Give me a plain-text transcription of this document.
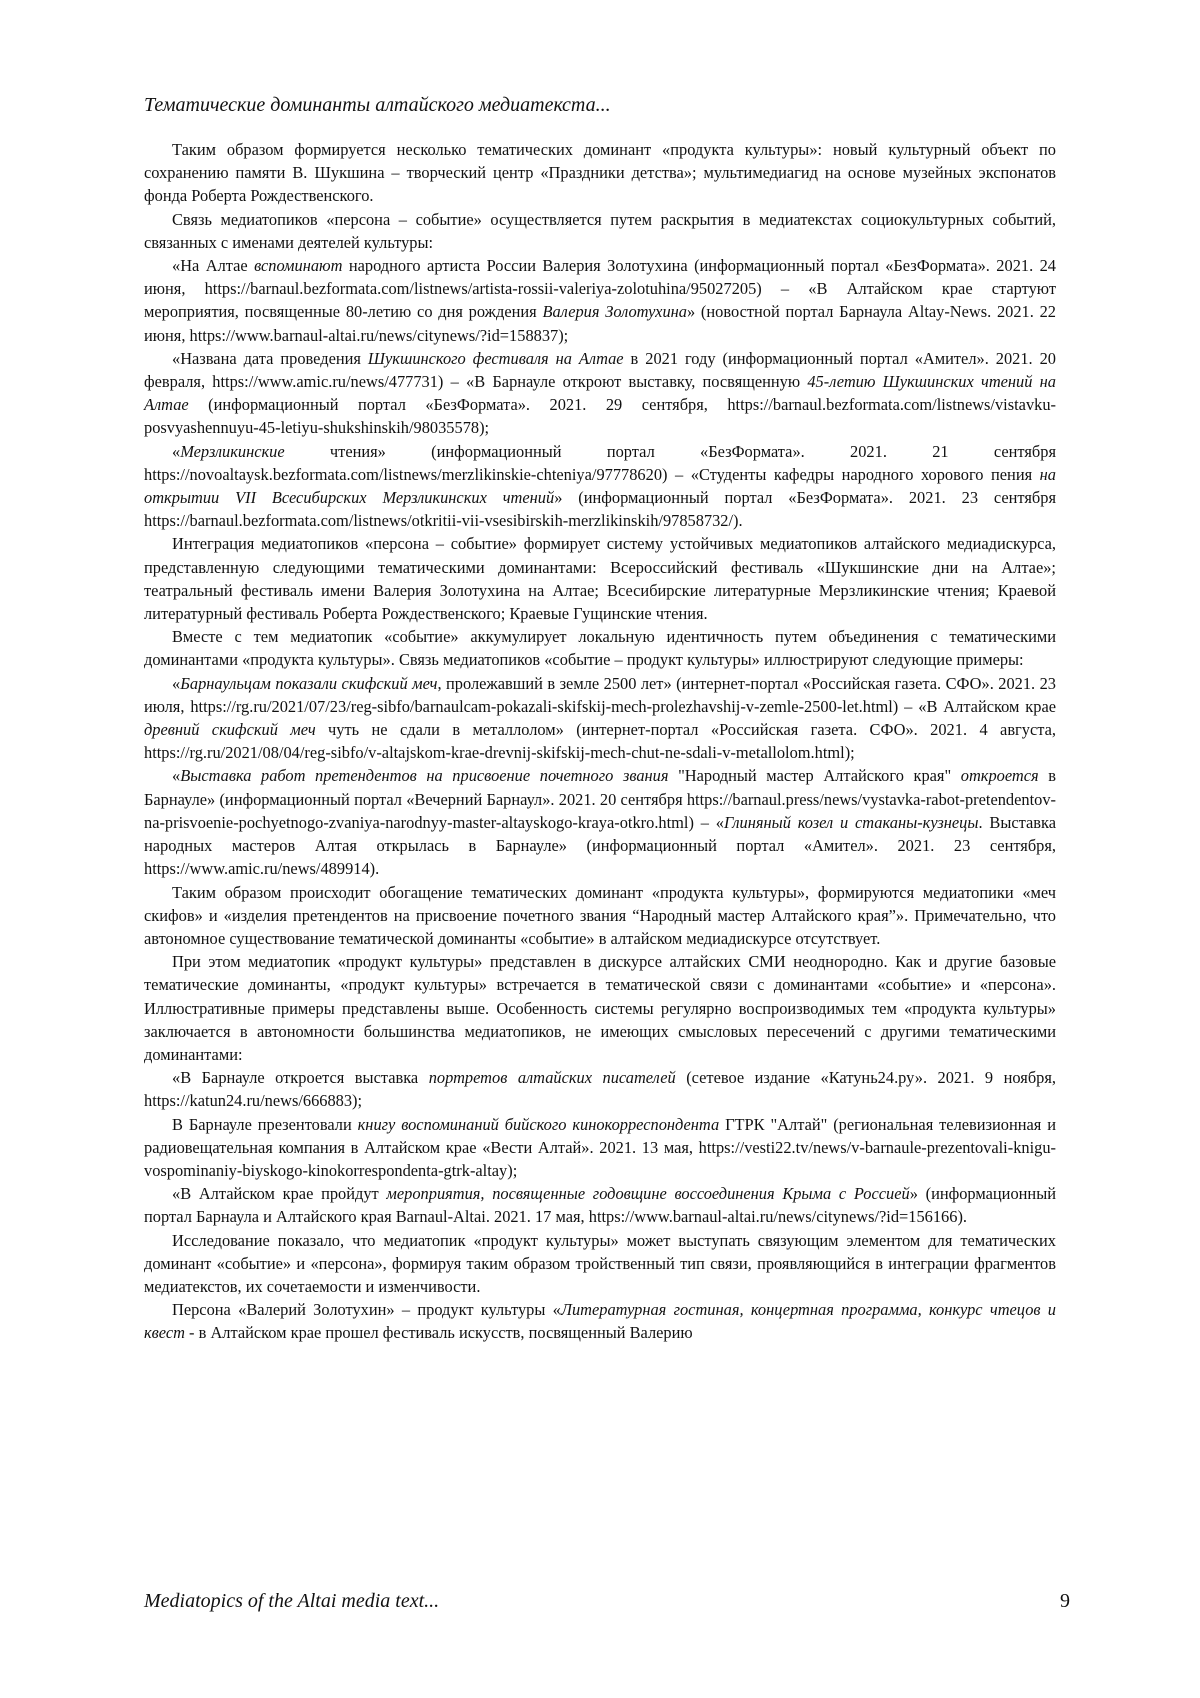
Тематические доминанты алтайского медиатекста...

Таким образом формируется несколько тематических доминант «продукта культуры»: новый культурный объект по сохранению памяти В. Шукшина – творческий центр «Праздники детства»; мультимедиагид на основе музейных экспонатов фонда Роберта Рождественского.

Связь медиатопиков «персона – событие» осуществляется путем раскрытия в медиатекстах социокультурных событий, связанных с именами деятелей культуры:

«На Алтае вспоминают народного артиста России Валерия Золотухина (информационный портал «БезФормата». 2021. 24 июня, https://barnaul.bezformata.com/listnews/artista-rossii-valeriya-zolotuhina/95027205) – «В Алтайском крае стартуют мероприятия, посвященные 80-летию со дня рождения Валерия Золотухина» (новостной портал Барнаула Altay-News. 2021. 22 июня, https://www.barnaul-altai.ru/news/citynews/?id=158837);

«Названа дата проведения Шукшинского фестиваля на Алтае в 2021 году (информационный портал «Амител». 2021. 20 февраля, https://www.amic.ru/news/477731) – «В Барнауле откроют выставку, посвященную 45-летию Шукшинских чтений на Алтае (информационный портал «БезФормата». 2021. 29 сентября, https://barnaul.bezformata.com/listnews/vistavku-posvyashennuyu-45-letiyu-shukshinskih/98035578);

«Мерзликинские чтения» (информационный портал «БезФормата». 2021. 21 сентября https://novoaltaysk.bezformata.com/listnews/merzlikinskie-chteniya/97778620) – «Студенты кафедры народного хорового пения на открытии VII Всесибирских Мерзликинских чтений» (информационный портал «БезФормата». 2021. 23 сентября https://barnaul.bezformata.com/listnews/otkritii-vii-vsesibirskih-merzlikinskih/97858732/).

Интеграция медиатопиков «персона – событие» формирует систему устойчивых медиатопиков алтайского медиадискурса, представленную следующими тематическими доминантами: Всероссийский фестиваль «Шукшинские дни на Алтае»; театральный фестиваль имени Валерия Золотухина на Алтае; Всесибирские литературные Мерзликинские чтения; Краевой литературный фестиваль Роберта Рождественского; Краевые Гущинские чтения.

Вместе с тем медиатопик «событие» аккумулирует локальную идентичность путем объединения с тематическими доминантами «продукта культуры». Связь медиатопиков «событие – продукт культуры» иллюстрируют следующие примеры:

«Барнаульцам показали скифский меч, пролежавший в земле 2500 лет» (интернет-портал «Российская газета. СФО». 2021. 23 июля, https://rg.ru/2021/07/23/reg-sibfo/barnaulcam-pokazali-skifskij-mech-prolezhavshij-v-zemle-2500-let.html) – «В Алтайском крае древний скифский меч чуть не сдали в металлолом» (интернет-портал «Российская газета. СФО». 2021. 4 августа, https://rg.ru/2021/08/04/reg-sibfo/v-altajskom-krae-drevnij-skifskij-mech-chut-ne-sdali-v-metallolom.html);

«Выставка работ претендентов на присвоение почетного звания "Народный мастер Алтайского края" откроется в Барнауле» (информационный портал «Вечерний Барнаул». 2021. 20 сентября https://barnaul.press/news/vystavka-rabot-pretendentov-na-prisvoenie-pochyetnogo-zvaniya-narodnyy-master-altayskogo-kraya-otkro.html) – «Глиняный козел и стаканы-кузнецы. Выставка народных мастеров Алтая открылась в Барнауле» (информационный портал «Амител». 2021. 23 сентября, https://www.amic.ru/news/489914).

Таким образом происходит обогащение тематических доминант «продукта культуры», формируются медиатопики «меч скифов» и «изделия претендентов на присвоение почетного звания “Народный мастер Алтайского края”». Примечательно, что автономное существование тематической доминанты «событие» в алтайском медиадискурсе отсутствует.

При этом медиатопик «продукт культуры» представлен в дискурсе алтайских СМИ неоднородно. Как и другие базовые тематические доминанты, «продукт культуры» встречается в тематической связи с доминантами «событие» и «персона». Иллюстративные примеры представлены выше. Особенность системы регулярно воспроизводимых тем «продукта культуры» заключается в автономности большинства медиатопиков, не имеющих смысловых пересечений с другими тематическими доминантами:

«В Барнауле откроется выставка портретов алтайских писателей (сетевое издание «Катунь24.ру». 2021. 9 ноября, https://katun24.ru/news/666883);

В Барнауле презентовали книгу воспоминаний бийского кинокорреспондента ГТРК "Алтай" (региональная телевизионная и радиовещательная компания в Алтайском крае «Вести Алтай». 2021. 13 мая, https://vesti22.tv/news/v-barnaule-prezentovali-knigu-vospominaniy-biyskogo-kinokorrespondenta-gtrk-altay);

«В Алтайском крае пройдут мероприятия, посвященные годовщине воссоединения Крыма с Россией» (информационный портал Барнаула и Алтайского края Barnaul-Altai. 2021. 17 мая, https://www.barnaul-altai.ru/news/citynews/?id=156166).

Исследование показало, что медиатопик «продукт культуры» может выступать связующим элементом для тематических доминант «событие» и «персона», формируя таким образом тройственный тип связи, проявляющийся в интеграции фрагментов медиатекстов, их сочетаемости и изменчивости.

Персона «Валерий Золотухин» – продукт культуры «Литературная гостиная, концертная программа, конкурс чтецов и квест - в Алтайском крае прошел фестиваль искусств, посвященный Валерию

Mediatopics of the Altai media text...	9
